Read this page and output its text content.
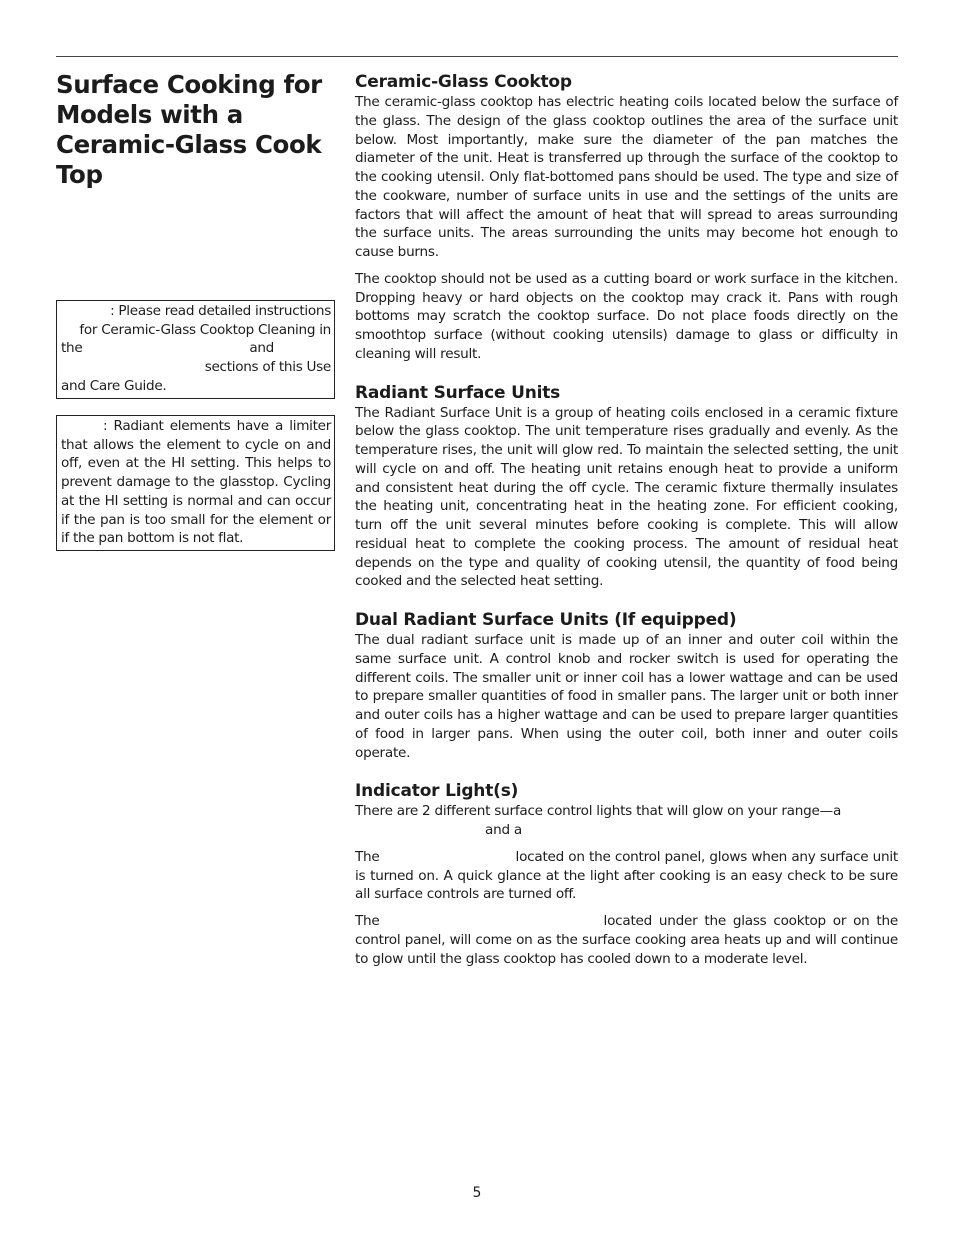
Surface Cooking for Models with a Ceramic-Glass Cook Top
: Please read detailed instructions
for Ceramic-Glass Cooktop Cleaning in
the	and
sections of this Use
and Care Guide.
: Radiant elements have a limiter that allows the element to cycle on and off, even at the HI setting. This helps to prevent damage to the glasstop. Cycling at the HI setting is normal and can occur if the pan is too small for the element or if the pan bottom is not flat.
Ceramic-Glass Cooktop

The ceramic-glass cooktop has electric heating coils located below the surface of the glass. The design of the glass cooktop outlines the area of the surface unit below. Most importantly, make sure the diameter of the pan matches the diameter of the unit. Heat is transferred up through the surface of the cooktop to the cooking utensil. Only flat-bottomed pans should be used. The type and size of the cookware, number of surface units in use and the settings of the units are factors that will affect the amount of heat that will spread to areas surrounding the surface units. The areas surrounding the units may become hot enough to cause burns.

The cooktop should not be used as a cutting board or work surface in the kitchen. Dropping heavy or hard objects on the cooktop may crack it. Pans with rough bottoms may scratch the cooktop surface. Do not place foods directly on the smoothtop surface (without cooking utensils) damage to glass or difficulty in cleaning will result.

Radiant Surface Units

The Radiant Surface Unit is a group of heating coils enclosed in a ceramic fixture below the glass cooktop. The unit temperature rises gradually and evenly. As the temperature rises, the unit will glow red. To maintain the selected setting, the unit will cycle on and off. The heating unit retains enough heat to provide a uniform and consistent heat during the off cycle. The ceramic fixture thermally insulates the heating unit, concentrating heat in the heating zone. For efficient cooking, turn off the unit several minutes before cooking is complete. This will allow residual heat to complete the cooking process. The amount of residual heat depends on the type and quality of cooking utensil, the quantity of food being cooked and the selected heat setting.

Dual Radiant Surface Units (If equipped)

The dual radiant surface unit is made up of an inner and outer coil within the same surface unit. A control knob and rocker switch is used for operating the different coils. The smaller unit or inner coil has a lower wattage and can be used to prepare smaller quantities of food in smaller pans. The larger unit or both inner and outer coils has a higher wattage and can be used to prepare larger quantities of food in larger pans. When using the outer coil, both inner and outer coils operate.

Indicator Light(s)

There are 2 different surface control lights that will glow on your range—a
and a

The	located on the control panel, glows when any surface unit is turned on. A quick glance at the light after cooking is an easy check to be sure all surface controls are turned off.

The	located under the glass cooktop or on the control panel, will come on as the surface cooking area heats up and will continue to glow until the glass cooktop has cooled down to a moderate level.

5
